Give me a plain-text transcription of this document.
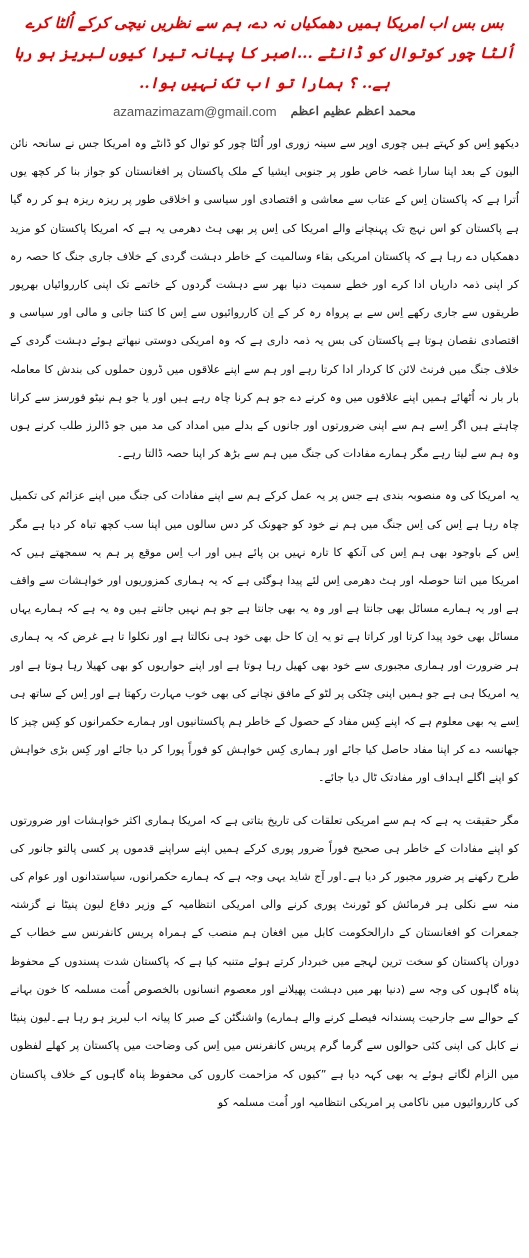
بس بس اب امریکا ہمیں دھمکیاں نہ دے، ہم سے نظریں نیچی کرکے اُلٹا کرے
اُلٹا چور کوتوال کو ڈانٹے ...اصبر کا پیانہ تیرا کیوں لبریز ہو رہا ہے.. ؟ ہمارا تو اب تک نہیں ہوا..
azamazimazam@gmail.com محمد اعظم عظیم اعظم

دیکھو اِس کو کہتے ہیں چوری اوپر سے سینہ زوری اور اُلٹا چور کو توال کو ڈانٹے وہ امریکا جس نے سانحہ نائن الیون کے بعد اپنا سارا غصہ خاص طور پر جنوبی ایشیا کے ملک پاکستان پر افغانستان کو جواز بنا کر کچھ یوں اُترا ہے کہ پاکستان اِس کے عتاب سے معاشی و اقتصادی اور سیاسی و اخلاقی طور پر ریزہ ریزہ ہو کر رہ گیا ہے پاکستان کو اس نہج تک پہنچانے والے امریکا کی اِس پر بھی ہٹ دھرمی یہ ہے کہ امریکا پاکستان کو مزید دھمکیاں دے رہا ہے کہ پاکستان امریکی بقاء وسالمیت کے خاطر دہشت گردی کے خلاف جاری جنگ کا حصہ رہ کر اپنی ذمہ داریاں ادا کرے اور خطے سمیت دنیا بھر سے دہشت گردوں کے خاتمے تک اپنی کارروائیاں بھرپور طریقوں سے جاری رکھے اِس سے بے پرواہ رہ کر کے اِن کارروائیوں سے اِس کا کتنا جانی و مالی اور سیاسی و اقتصادی نقصان ہوتا ہے پاکستان کی بس یہ ذمہ داری ہے کہ وہ امریکی دوستی نبھاتے ہوئے دہشت گردی کے خلاف جنگ میں فرنٹ لائن کا کردار ادا کرتا رہے اور ہم سے اپنے علاقوں میں ڈرون حملوں کی بندش کا معاملہ بار بار نہ اُٹھائے ہمیں اپنے علاقوں میں وہ کرنے دے جو ہم کرنا چاہ رہے ہیں اور یا جو ہم نیٹو فورسز سے کرانا چاہتے ہیں اگر اِسے ہم سے اپنی ضرورتوں اور جانوں کے بدلے میں امداد کی مد میں جو ڈالرز طلب کرنے ہوں وہ ہم سے لیتا رہے مگر ہمارے مفادات کی جنگ میں ہم سے بڑھ کر اپنا حصہ ڈالتا رہے۔

یہ امریکا کی وہ منصوبہ بندی ہے جس پر یہ عمل کرکے ہم سے اپنے مفادات کی جنگ میں اپنے عزائم کی تکمیل چاہ رہا ہے اِس کی اِس جنگ میں ہم نے خود کو جھونک کر دس سالوں میں اپنا سب کچھ تباہ کر دیا ہے مگر اِس کے باوجود بھی ہم اِس کی آنکھ کا تارہ نہیں بن پائے ہیں اور اب اِس موقع پر ہم یہ سمجھتے ہیں کہ امریکا میں اتنا حوصلہ اور ہٹ دھرمی اِس لئے پیدا ہوگئی ہے کہ یہ ہماری کمزوریوں اور خواہشات سے واقف ہے اور یہ ہمارے مسائل بھی جانتا ہے اور وہ یہ بھی جانتا ہے جو ہم نہیں جانتے ہیں وہ یہ ہے کہ ہمارے یہاں مسائل بھی خود پیدا کرتا اور کراتا ہے تو یہ اِن کا حل بھی خود ہی نکالتا ہے اور نکلوا تا ہے غرض کہ یہ ہماری ہر ضرورت اور ہماری مجبوری سے خود بھی کھیل رہا ہوتا ہے اور اپنے حواریوں کو بھی کھیلا رہا ہوتا ہے اور یہ امریکا ہی ہے جو ہمیں اپنی چٹکی پر لٹو کے مافق نچانے کی بھی خوب مہارت رکھتا ہے اور اِس کے ساتھ ہی اِسے یہ بھی معلوم ہے کہ اپنے کِس مفاد کے حصول کے خاطر ہم پاکستانیوں اور ہمارے حکمرانوں کو کِس چیز کا جھانسہ دے کر اپنا مفاد حاصل کیا جائے اور ہماری کِس خواہش کو فوراً پورا کر دیا جائے اور کِس بڑی خواہش کو اپنے اگلے اہداف اور مفادتک ٹال دیا جائے۔

مگر حقیقت یہ ہے کہ ہم سے امریکی تعلقات کی تاریخ بتاتی ہے کہ امریکا ہماری اکثر خواہشات اور ضرورتوں کو اپنے مفادات کے خاطر ہی صحیح فوراً ضرور پوری کرکے ہمیں اپنے سراپنے قدموں پر کسی پالتو جانور کی طرح رکھنے پر ضرور مجبور کر دیا ہے۔اور آج شاید یہی وجہ ہے کہ ہمارے حکمرانوں، سیاستدانوں اور عوام کی منہ سے نکلی ہر فرمائش کو ٹورنٹ پوری کرنے والی امریکی انتظامیہ کے وزیر دفاع لیون پنیٹا نے گزشتہ جمعرات کو افغانستان کے دارالحکومت کابل میں افغان ہم منصب کے ہمراہ پریس کانفرنس سے خطاب کے دوران پاکستان کو سخت ترین لہجے میں خبردار کرتے ہوئے متنبہ کیا ہے کہ پاکستان شدت پسندوں کے محفوظ پناہ گاہوں کی وجہ سے (دنیا بھر میں دہشت پھیلانے اور معصوم انسانوں بالخصوص اُمت مسلمہ کا خون بہانے کے حوالے سے جارحیت پسندانہ فیصلے کرنے والے ہمارے) واشنگٹن کے صبر کا پیانہ اب لبریز ہو رہا ہے۔لیون پنیٹا نے کابل کی اپنی کئی حوالوں سے گرما گرم پریس کانفرنس میں اِس کی وضاحت میں پاکستان پر کھلے لفظوں میں الزام لگاتے ہوئے یہ بھی کہہ دیا ہے ”کیوں کہ مزاحمت کاروں کی محفوظ پناہ گاہوں کے خلاف پاکستان کی کارروائیوں میں ناکامی پر امریکی انتظامیہ اور اُمت مسلمہ کو
